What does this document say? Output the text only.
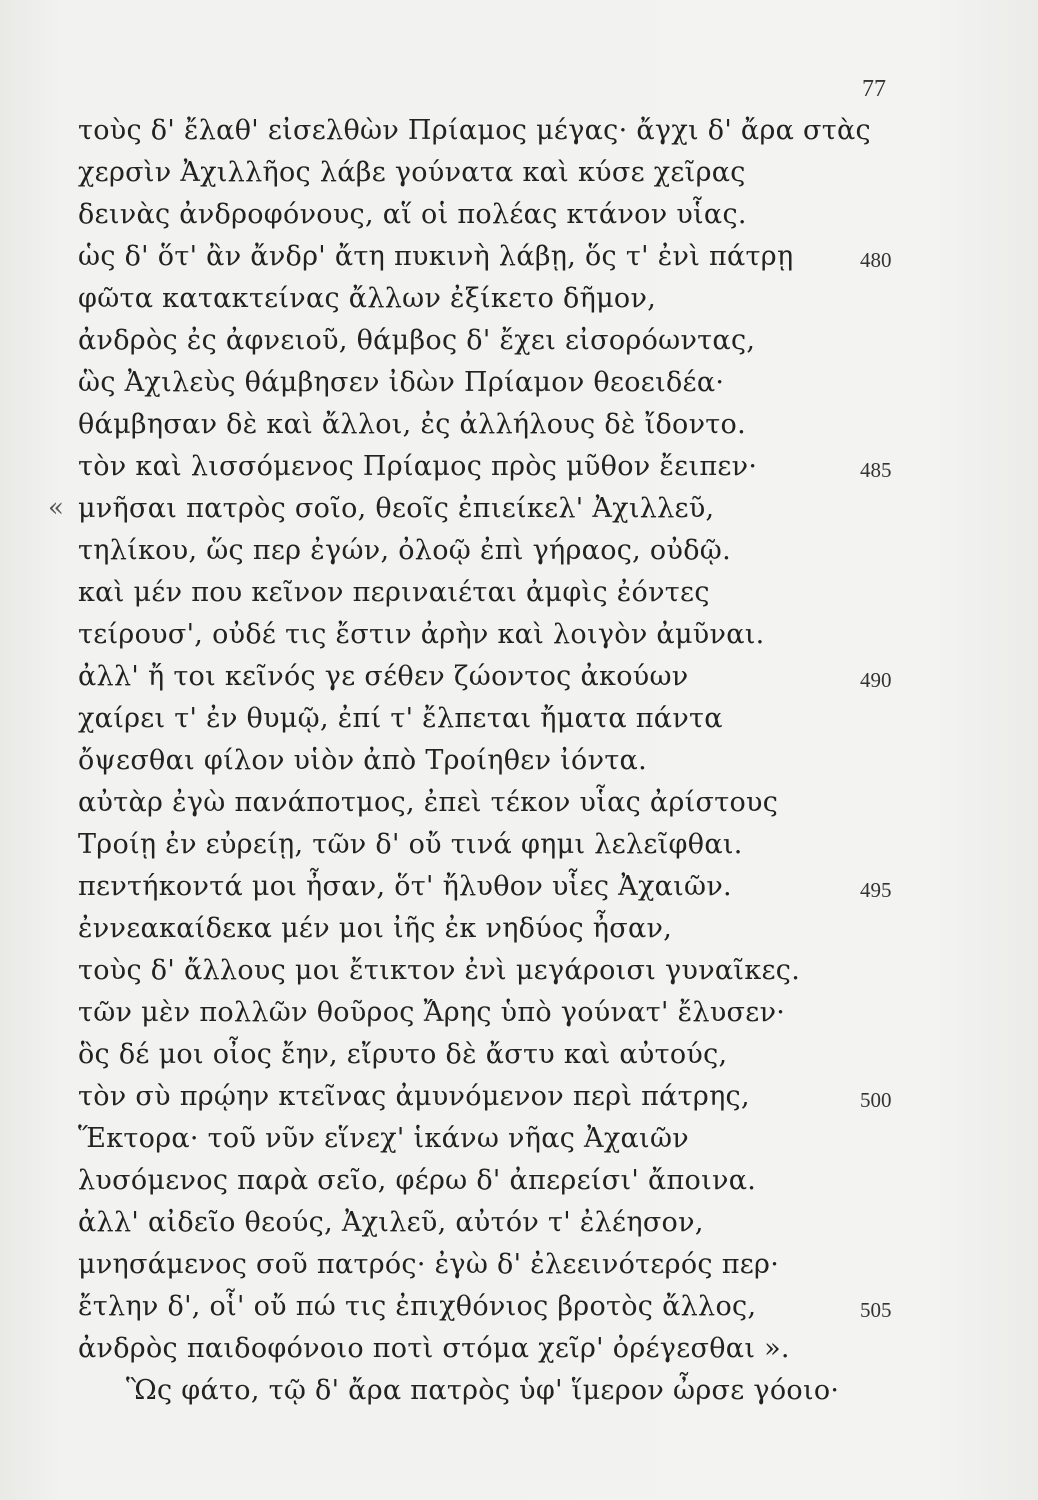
77
τοὺς δ' ἔλαθ' εἰσελθὼν Πρίαμος μέγας· ἄγχι δ' ἄρα στὰς
χερσὶν Ἀχιλλῆος λάβε γούνατα καὶ κύσε χεῖρας
δεινὰς ἀνδροφόνους, αἵ οἱ πολέας κτάνον υἷας.
ὡς δ' ὅτ' ἂν ἄνδρ' ἄτη πυκινὴ λάβῃ, ὅς τ' ἐνὶ πάτρῃ
φῶτα κατακτείνας ἄλλων ἐξίκετο δῆμον,
ἀνδρὸς ἐς ἀφνειοῦ, θάμβος δ' ἔχει εἰσορόωντας,
ὣς Ἀχιλεὺς θάμβησεν ἰδὼν Πρίαμον θεοειδέα·
θάμβησαν δὲ καὶ ἄλλοι, ἐς ἀλλήλους δὲ ἴδοντο.
τὸν καὶ λισσόμενος Πρίαμος πρὸς μῦθον ἔειπεν·
« μνῆσαι πατρὸς σοῖο, θεοῖς ἐπιείκελ' Ἀχιλλεῦ,
τηλίκου, ὥς περ ἐγών, ὀλοῷ ἐπὶ γήραος, οὐδῷ.
καὶ μέν που κεῖνον περιναιέται ἀμφὶς ἐόντες
τείρουσ', οὐδέ τις ἔστιν ἀρὴν καὶ λοιγὸν ἀμῦναι.
ἀλλ' ἤ τοι κεῖνός γε σέθεν ζώοντος ἀκούων
χαίρει τ' ἐν θυμῷ, ἐπί τ' ἔλπεται ἤματα πάντα
ὄψεσθαι φίλον υἱὸν ἀπὸ Τροίηθεν ἰόντα.
αὐτὰρ ἐγὼ πανάποτμος, ἐπεὶ τέκον υἷας ἀρίστους
Τροίῃ ἐν εὐρείῃ, τῶν δ' οὔ τινά φημι λελεῖφθαι.
πεντήκοντά μοι ἦσαν, ὅτ' ἤλυθον υἷες Ἀχαιῶν.
ἐννεακαίδεκα μέν μοι ἰῆς ἐκ νηδύος ἦσαν,
τοὺς δ' ἄλλους μοι ἔτικτον ἐνὶ μεγάροισι γυναῖκες.
τῶν μὲν πολλῶν θοῦρος Ἄρης ὑπὸ γούνατ' ἔλυσεν·
ὃς δέ μοι οἶος ἔην, εἴρυτο δὲ ἄστυ καὶ αὐτούς,
τὸν σὺ πρῴην κτεῖνας ἀμυνόμενον περὶ πάτρης,
Ἕκτορα· τοῦ νῦν εἵνεχ' ἱκάνω νῆας Ἀχαιῶν
λυσόμενος παρὰ σεῖο, φέρω δ' ἀπερείσι' ἄποινα.
ἀλλ' αἰδεῖο θεούς, Ἀχιλεῦ, αὐτόν τ' ἐλέησον,
μνησάμενος σοῦ πατρός· ἐγὼ δ' ἐλεεινότερός περ·
ἔτλην δ', οἷ' οὔ πώ τις ἐπιχθόνιος βροτὸς ἄλλος,
ἀνδρὸς παιδοφόνοιο ποτὶ στόμα χεῖρ' ὀρέγεσθαι ».
Ὣς φάτο, τῷ δ' ἄρα πατρὸς ὑφ' ἵμερον ὦρσε γόοιο·
480
485
490
495
500
505
